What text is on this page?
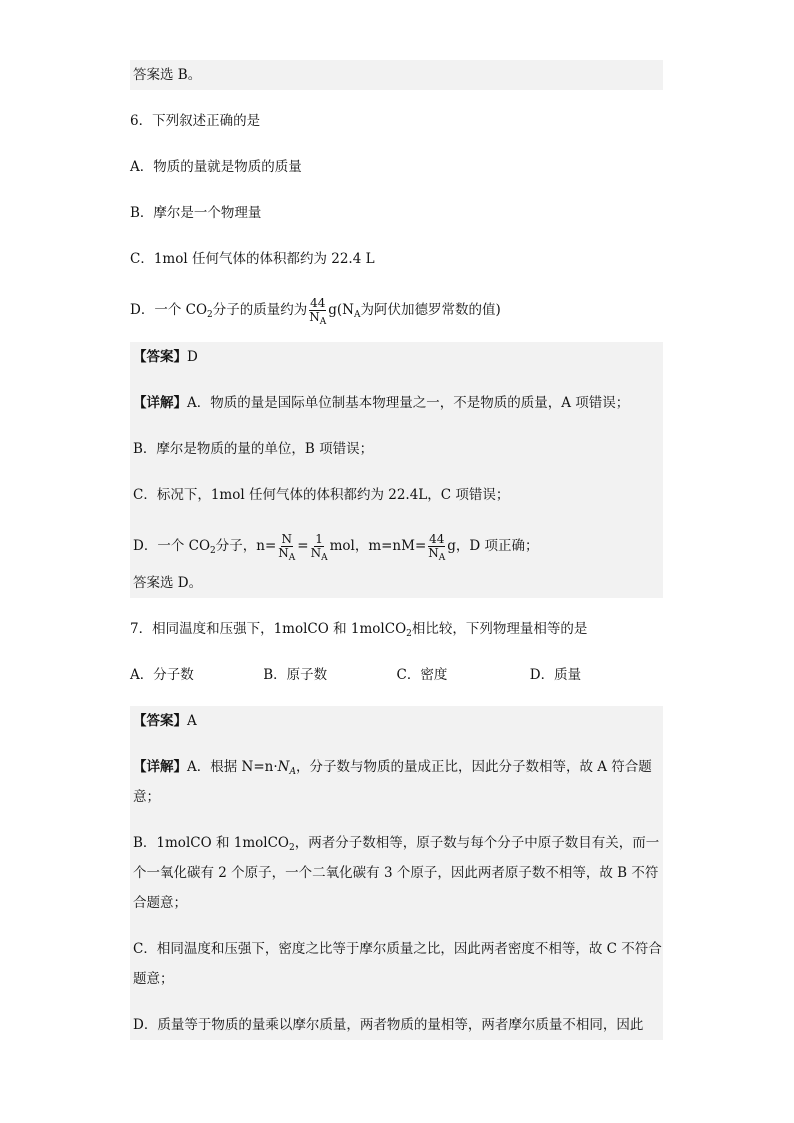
答案选 B。
6．下列叙述正确的是
A．物质的量就是物质的质量
B．摩尔是一个物理量
C．1mol 任何气体的体积都约为 22.4 L
D．一个 $CO_2$分子的质量约为 $\frac{44}{N_A} g(N_A$为阿伏加德罗常数的值)
【答案】D
【详解】A．物质的量是国际单位制基本物理量之一，不是物质的质量，A 项错误；
B．摩尔是物质的量的单位，B 项错误；
C．标况下，1mol 任何气体的体积都约为 22.4L，C 项错误；
D．一个 $CO_2$分子，$n= \frac{N}{N_A} = \frac{1}{N_A}$ mol，$m=nM= \frac{44}{N_A}$ g，D 项正确；
答案选 D。
7．相同温度和压强下，1molCO 和 1molCO$_2$相比较，下列物理量相等的是
A．分子数	B．原子数	C．密度	D．质量
【答案】A
【详解】A．根据 $N=n\cdot N_A$，分子数与物质的量成正比，因此分子数相等，故 A 符合题意；
B．1molCO 和 1molCO$_2$，两者分子数相等，原子数与每个分子中原子数目有关，而一个一氧化碳有 2 个原子，一个二氧化碳有 3 个原子，因此两者原子数不相等，故 B 不符合题意；
C．相同温度和压强下，密度之比等于摩尔质量之比，因此两者密度不相等，故 C 不符合题意；
D．质量等于物质的量乘以摩尔质量，两者物质的量相等，两者摩尔质量不相同，因此
